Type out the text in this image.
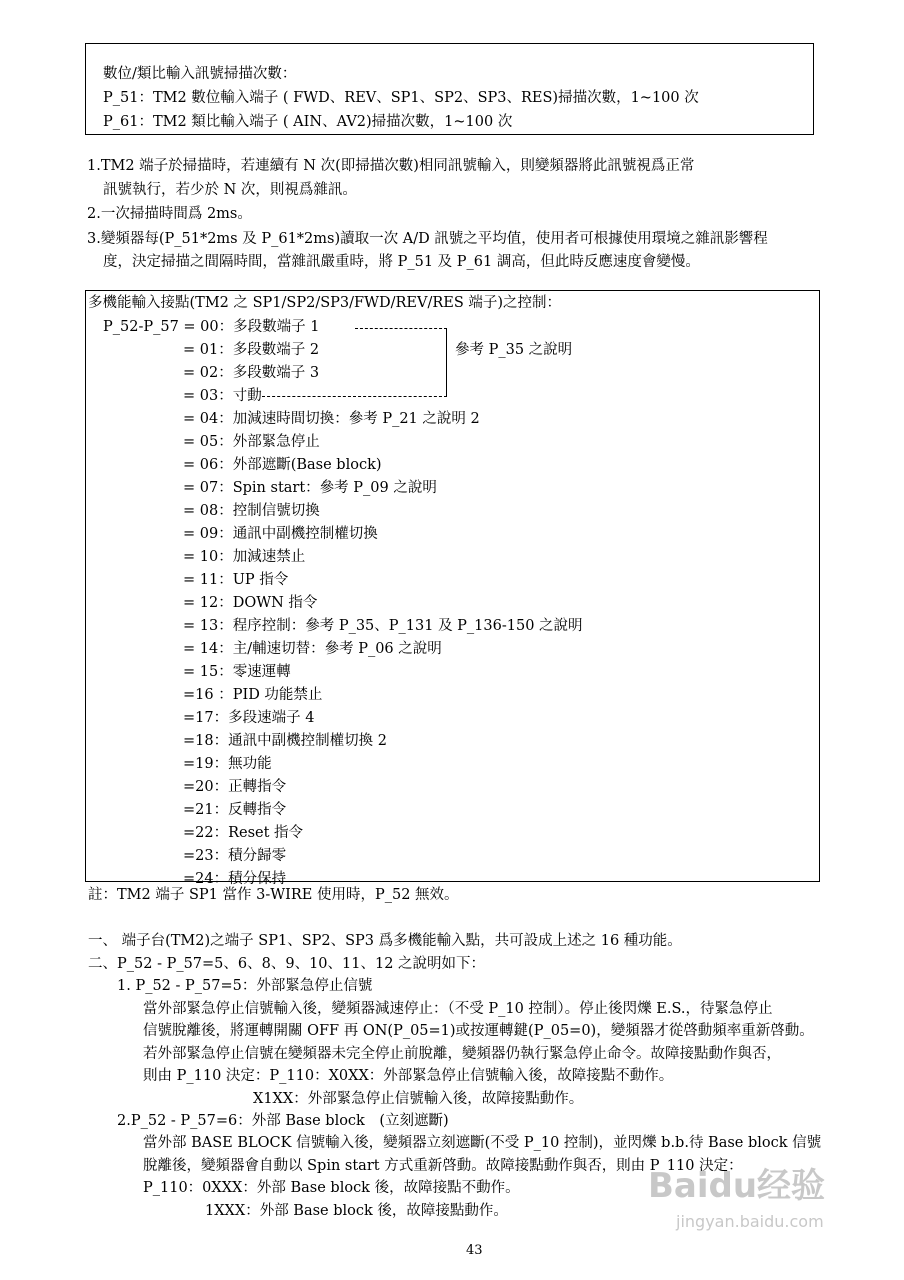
數位/類比輸入訊號掃描次數：
P_51：TM2 數位輸入端子 ( FWD、REV、SP1、SP2、SP3、RES)掃描次數，1~100 次
P_61：TM2 類比輸入端子 ( AIN、AV2)掃描次數，1~100 次
1.TM2 端子於掃描時，若連續有 N 次(即掃描次數)相同訊號輸入，則變頻器將此訊號視爲正常
訊號執行，若少於 N 次，則視爲雜訊。
2.一次掃描時間爲 2ms。
3.變頻器每(P_51*2ms 及 P_61*2ms)讀取一次 A/D 訊號之平均值，使用者可根據使用環境之雜訊影響程
度，決定掃描之間隔時間，當雜訊嚴重時，將 P_51 及 P_61 調高，但此時反應速度會變慢。
多機能輸入接點(TM2 之 SP1/SP2/SP3/FWD/REV/RES 端子)之控制：
P_52-P_57 = 00：多段數端子 1
= 01：多段數端子 2
= 02：多段數端子 3
= 03：寸動
= 04：加減速時間切換：參考 P_21 之說明 2
= 05：外部緊急停止
= 06：外部遮斷(Base block)
= 07：Spin start：參考 P_09 之說明
= 08：控制信號切換
= 09：通訊中副機控制權切換
= 10：加減速禁止
= 11：UP 指令
= 12：DOWN 指令
= 13：程序控制：參考 P_35、P_131 及 P_136-150 之說明
= 14：主/輔速切替：參考 P_06 之說明
= 15：零速運轉
=16 ：PID 功能禁止
=17：多段速端子 4
=18：通訊中副機控制權切換 2
=19：無功能
=20：正轉指令
=21：反轉指令
=22：Reset 指令
=23：積分歸零
=24：積分保持
參考 P_35 之說明
註：TM2 端子 SP1 當作 3-WIRE 使用時，P_52 無效。
一、 端子台(TM2)之端子 SP1、SP2、SP3 爲多機能輸入點，共可設成上述之 16 種功能。
二、P_52 - P_57=5、6、8、9、10、11、12 之說明如下：
1. P_52 - P_57=5：外部緊急停止信號
當外部緊急停止信號輸入後，變頻器減速停止：（不受 P_10 控制）。停止後閃爍 E.S.，待緊急停止
信號脫離後，將運轉開關 OFF 再 ON(P_05=1)或按運轉鍵(P_05=0)，變頻器才從啓動頻率重新啓動。
若外部緊急停止信號在變頻器未完全停止前脫離，變頻器仍執行緊急停止命令。故障接點動作與否，
則由 P_110 決定：P_110：X0XX：外部緊急停止信號輸入後，故障接點不動作。
X1XX：外部緊急停止信號輸入後，故障接點動作。
2.P_52 - P_57=6：外部 Base block　(立刻遮斷)
當外部 BASE BLOCK 信號輸入後，變頻器立刻遮斷(不受 P_10 控制)，並閃爍 b.b.待 Base block 信號
脫離後，變頻器會自動以 Spin start 方式重新啓動。故障接點動作與否，則由 P_110 決定：
P_110：0XXX：外部 Base block 後，故障接點不動作。
1XXX：外部 Base block 後，故障接點動作。
Baidu经验
jingyan.baidu.com
43
